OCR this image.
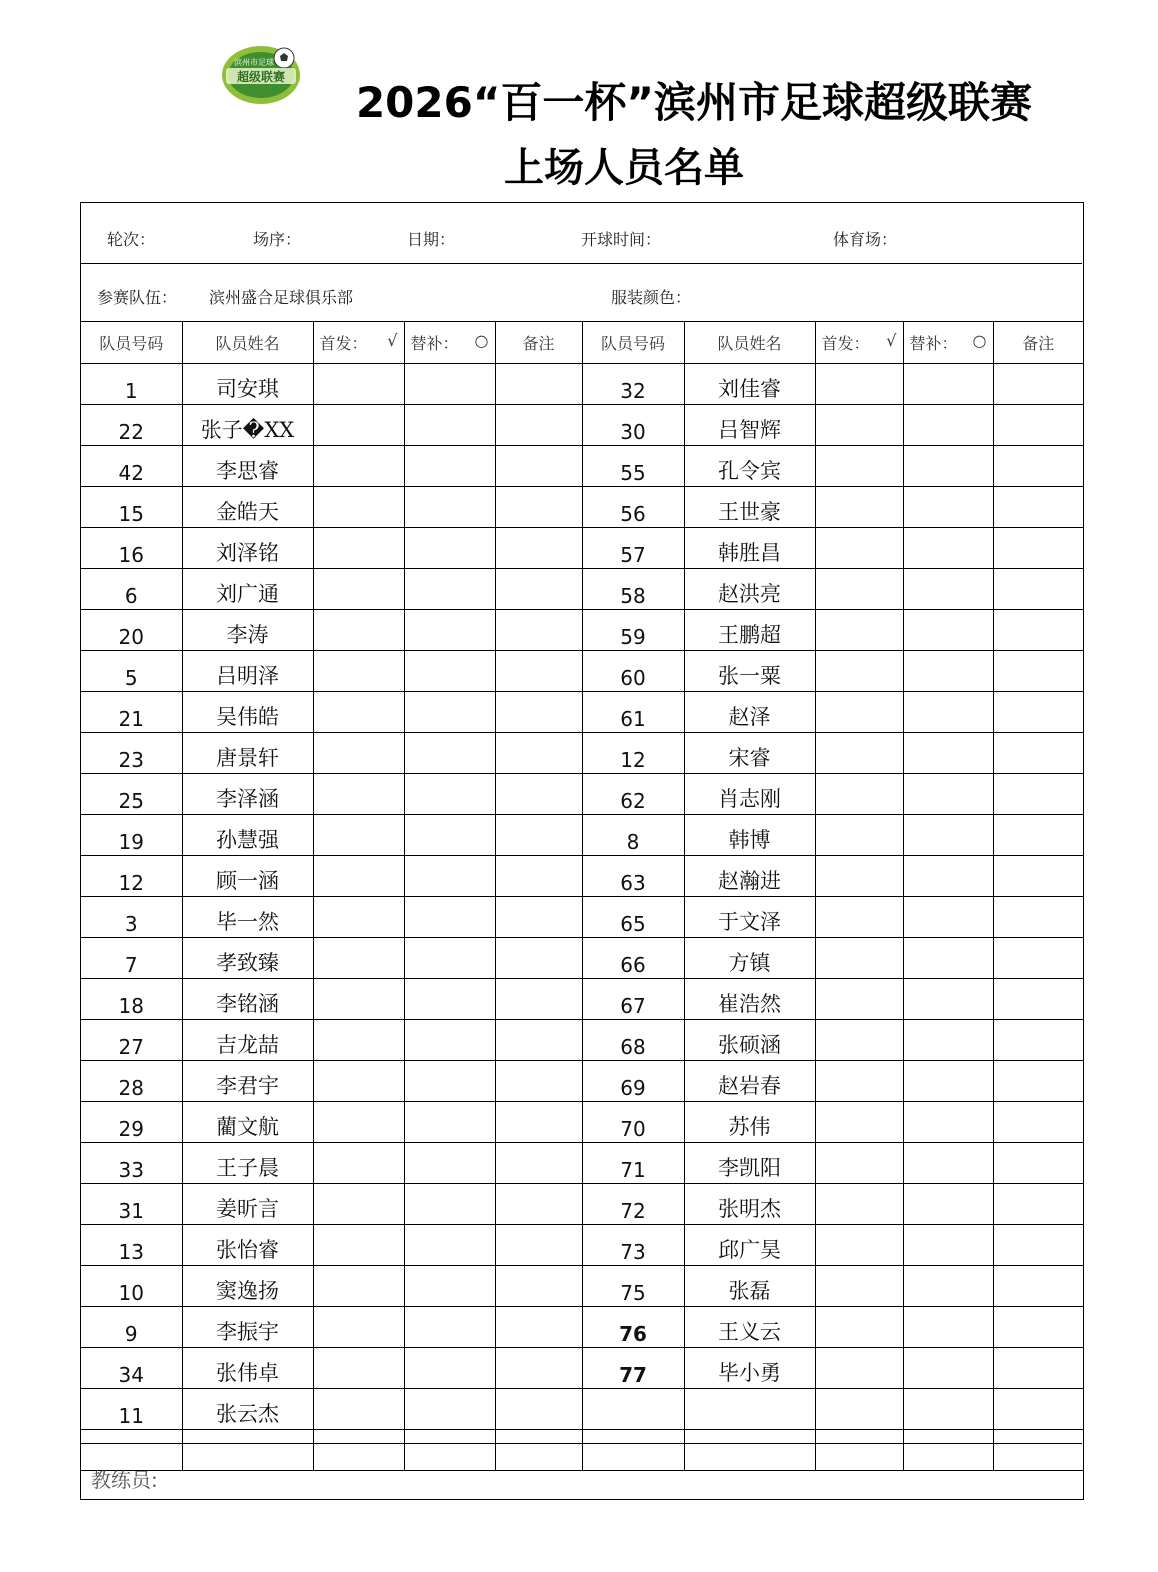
滨州市足球
超级联赛
2026“百一杯”滨州市足球超级联赛
上场人员名单
轮次：	场序：	日期：	开球时间：	体育场：
参赛队伍： 滨州盛合足球俱乐部	服装颜色：
队员号码	队员姓名	首发： √	替补： ○	备注	队员号码	队员姓名	首发： √	替补： ○	备注
1	司安琪				32	刘佳睿			
22	张子�XX				30	吕智辉			
42	李思睿				55	孔令宾			
15	金皓天				56	王世豪			
16	刘泽铭				57	韩胜昌			
6	刘广通				58	赵洪亮			
20	李涛				59	王鹏超			
5	吕明泽				60	张一粟			
21	吴伟皓				61	赵泽			
23	唐景轩				12	宋睿			
25	李泽涵				62	肖志刚			
19	孙慧强				8	韩博			
12	顾一涵				63	赵瀚进			
3	毕一然				65	于文泽			
7	孝致臻				66	方镇			
18	李铭涵				67	崔浩然			
27	吉龙喆				68	张硕涵			
28	李君宇				69	赵岩春			
29	藺文航				70	苏伟			
33	王子晨				71	李凯阳			
31	姜昕言				72	张明杰			
13	张怡睿				73	邱广昊			
10	窦逸扬				75	张磊			
9	李振宇				76	王义云			
34	张伟卓				77	毕小勇			
11	张云杰								

教练员:
